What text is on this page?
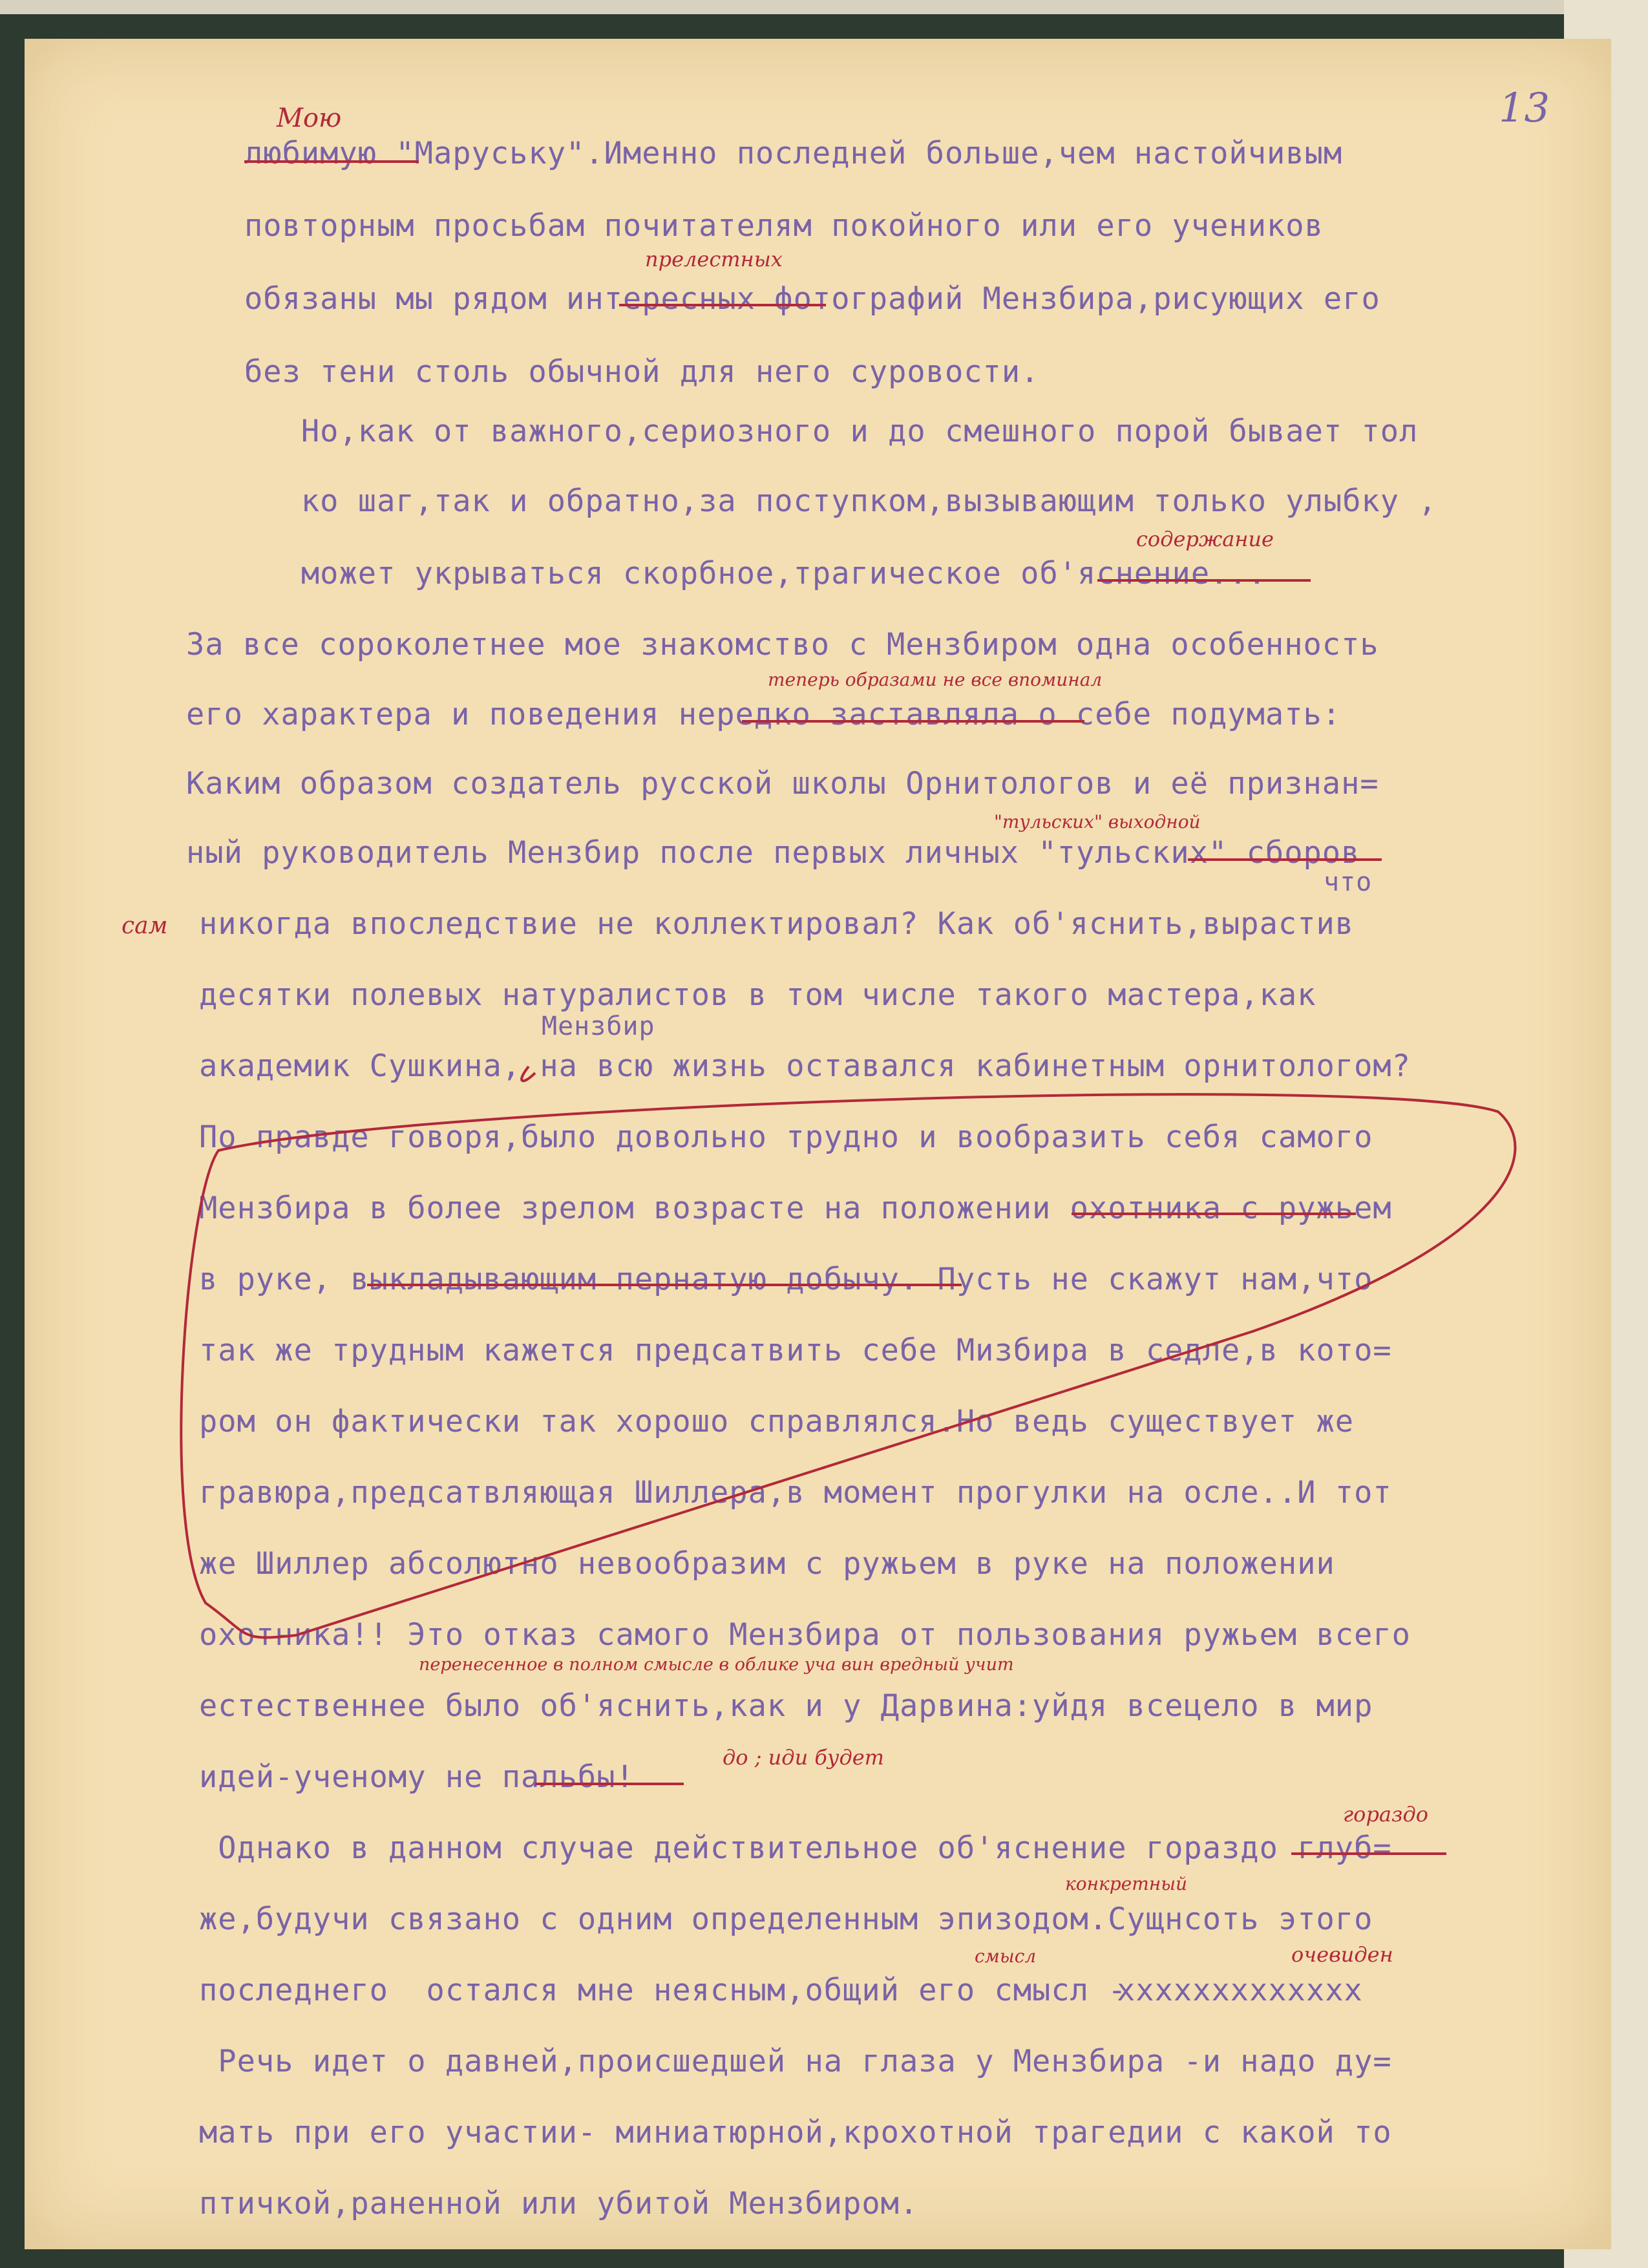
13
любимую "Маруську".Именно последней больше,чем настойчивым
повторным просьбам почитателям покойного или его учеников
обязаны мы рядом интересных фотографий Мензбира,рисующих его
без тени столь обычной для него суровости.
Но,как от важного,сериозного и до смешного порой бывает тол
ко шаг,так и обратно,за поступком,вызывающим только улыбку ,
может укрываться скорбное,трагическое об'яснение...
За все сороколетнее мое знакомство с Мензбиром одна особенность
его характера и поведения нередко заставляла о себе подумать:
Каким образом создатель русской школы Орнитологов и её признан=
ный руководитель Мензбир после первых личных "тульских" сборов
никогда впоследствие не коллектировал? Как об'яснить,вырастив
десятки полевых натуралистов в том числе такого мастера,как
академик Сушкина, на всю жизнь оставался кабинетным орнитологом?
По правде говоря,было довольно трудно и вообразить себя самого
Мензбира в более зрелом возрасте на положении охотника с ружьем
в руке, выкладывающим пернатую добычу. Пусть не скажут нам,что
так же трудным кажется предсатвить себе Мизбира в седле,в кото=
ром он фактически так хорошо справлялся.Но ведь существует же
гравюра,предсатвляющая Шиллера,в момент прогулки на осле..И тот
же Шиллер абсолютно невообразим с ружьем в руке на положении
охотника!! Это отказ самого Мензбира от пользования ружьем всего
естественнее было об'яснить,как и у Дарвина:уйдя всецело в мир
идей-ученому не пальбы!
Однако в данном случае действительное об'яснение гораздо глуб=
же,будучи связано с одним определенным эпизодом.Сущнсоть этого
последнего  остался мне неясным,общий его смысл -
Речь идет о давней,происшедшей на глаза у Мензбира -и надо ду=
мать при его участии- миниатюрной,крохотной трагедии с какой то
птичкой,раненной или убитой Мензбиром.
что
Мензбир
ххххххххххххх
Мою
прелестных
содержание
теперь образами не все впоминал
"тульских" выходной
сам
перенесенное в полном смысле в облике уча вин вредный учит
до ; иди будет
гораздо
конкретный
смысл	очевиден
